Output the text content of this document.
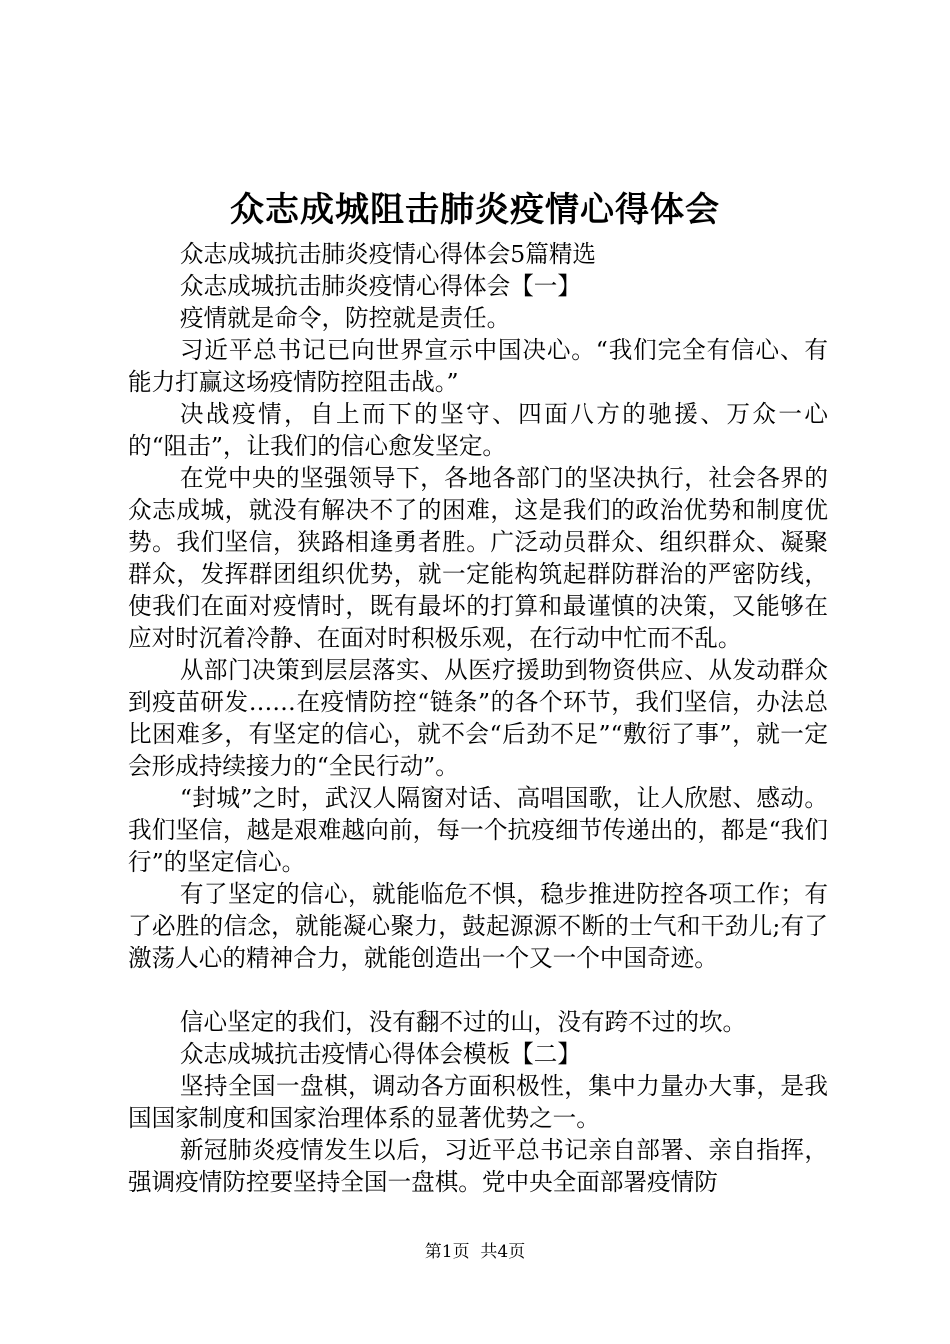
众志成城阻击肺炎疫情心得体会

众志成城抗击肺炎疫情心得体会5篇精选

众志成城抗击肺炎疫情心得体会【一】

疫情就是命令，防控就是责任。

习近平总书记已向世界宣示中国决心。“我们完全有信心、有能力打赢这场疫情防控阻击战。”

决战疫情，自上而下的坚守、四面八方的驰援、万众一心的“阻击”，让我们的信心愈发坚定。

在党中央的坚强领导下，各地各部门的坚决执行，社会各界的众志成城，就没有解决不了的困难，这是我们的政治优势和制度优势。我们坚信，狭路相逢勇者胜。广泛动员群众、组织群众、凝聚群众，发挥群团组织优势，就一定能构筑起群防群治的严密防线，使我们在面对疫情时，既有最坏的打算和最谨慎的决策，又能够在应对时沉着冷静、在面对时积极乐观，在行动中忙而不乱。

从部门决策到层层落实、从医疗援助到物资供应、从发动群众到疫苗研发……在疫情防控“链条”的各个环节，我们坚信，办法总比困难多，有坚定的信心，就不会“后劲不足”“敷衍了事”，就一定会形成持续接力的“全民行动”。

“封城”之时，武汉人隔窗对话、高唱国歌，让人欣慰、感动。我们坚信，越是艰难越向前，每一个抗疫细节传递出的，都是“我们行”的坚定信心。

有了坚定的信心，就能临危不惧，稳步推进防控各项工作；有了必胜的信念，就能凝心聚力，鼓起源源不断的士气和干劲儿;有了激荡人心的精神合力，就能创造出一个又一个中国奇迹。

信心坚定的我们，没有翻不过的山，没有跨不过的坎。

众志成城抗击疫情心得体会模板【二】

坚持全国一盘棋，调动各方面积极性，集中力量办大事，是我国国家制度和国家治理体系的显著优势之一。

新冠肺炎疫情发生以后，习近平总书记亲自部署、亲自指挥，强调疫情防控要坚持全国一盘棋。党中央全面部署疫情防

第1页  共4页
